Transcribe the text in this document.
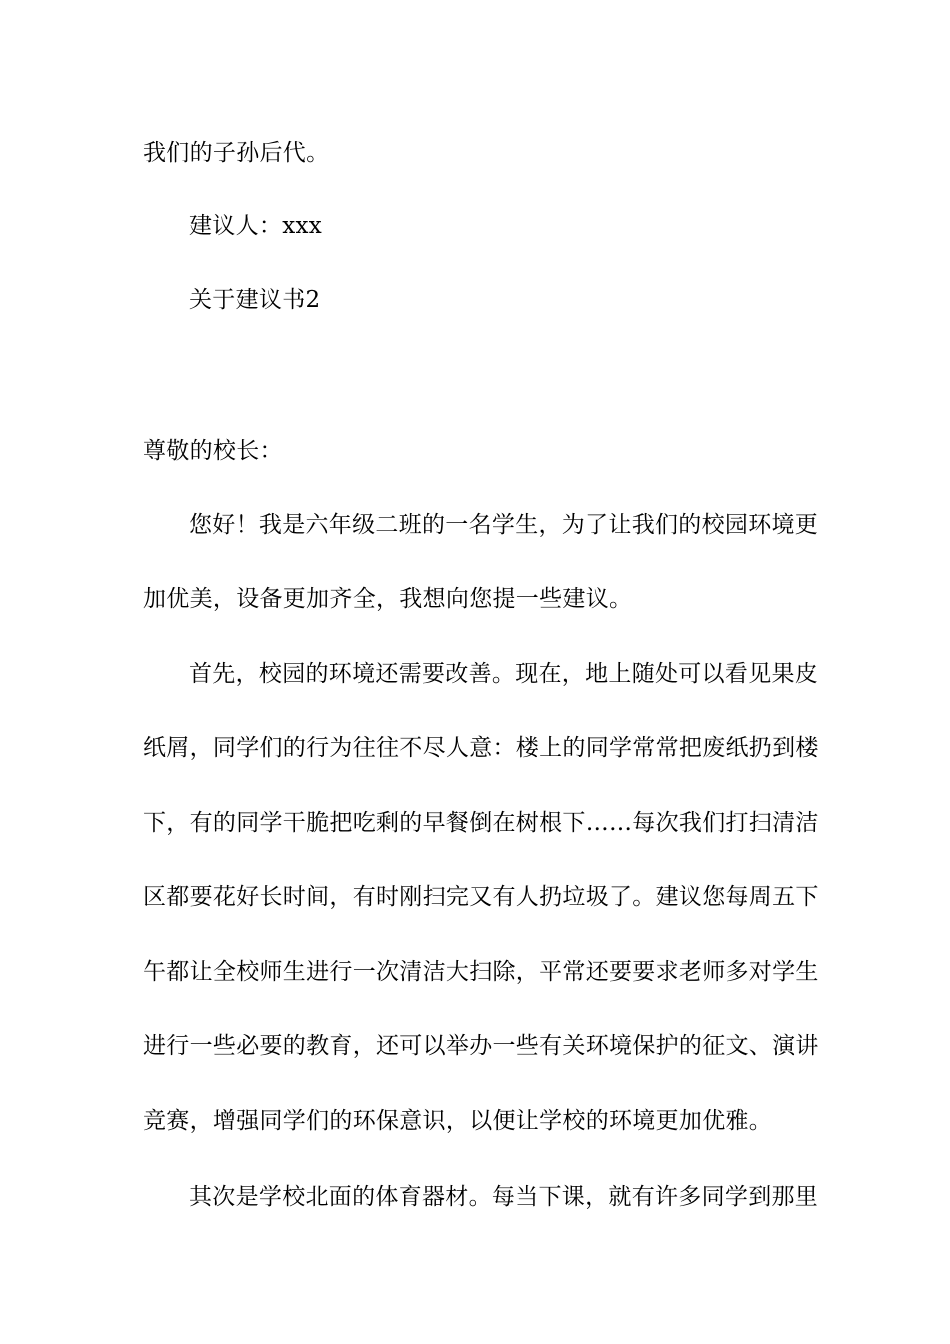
我们的子孙后代。
建议人：xxx
关于建议书2
尊敬的校长：
您好！我是六年级二班的一名学生，为了让我们的校园环境更
加优美，设备更加齐全，我想向您提一些建议。
首先，校园的环境还需要改善。现在，地上随处可以看见果皮
纸屑，同学们的行为往往不尽人意：楼上的同学常常把废纸扔到楼
下，有的同学干脆把吃剩的早餐倒在树根下……每次我们打扫清洁
区都要花好长时间，有时刚扫完又有人扔垃圾了。建议您每周五下
午都让全校师生进行一次清洁大扫除，平常还要要求老师多对学生
进行一些必要的教育，还可以举办一些有关环境保护的征文、演讲
竞赛，增强同学们的环保意识，以便让学校的环境更加优雅。
其次是学校北面的体育器材。每当下课，就有许多同学到那里
